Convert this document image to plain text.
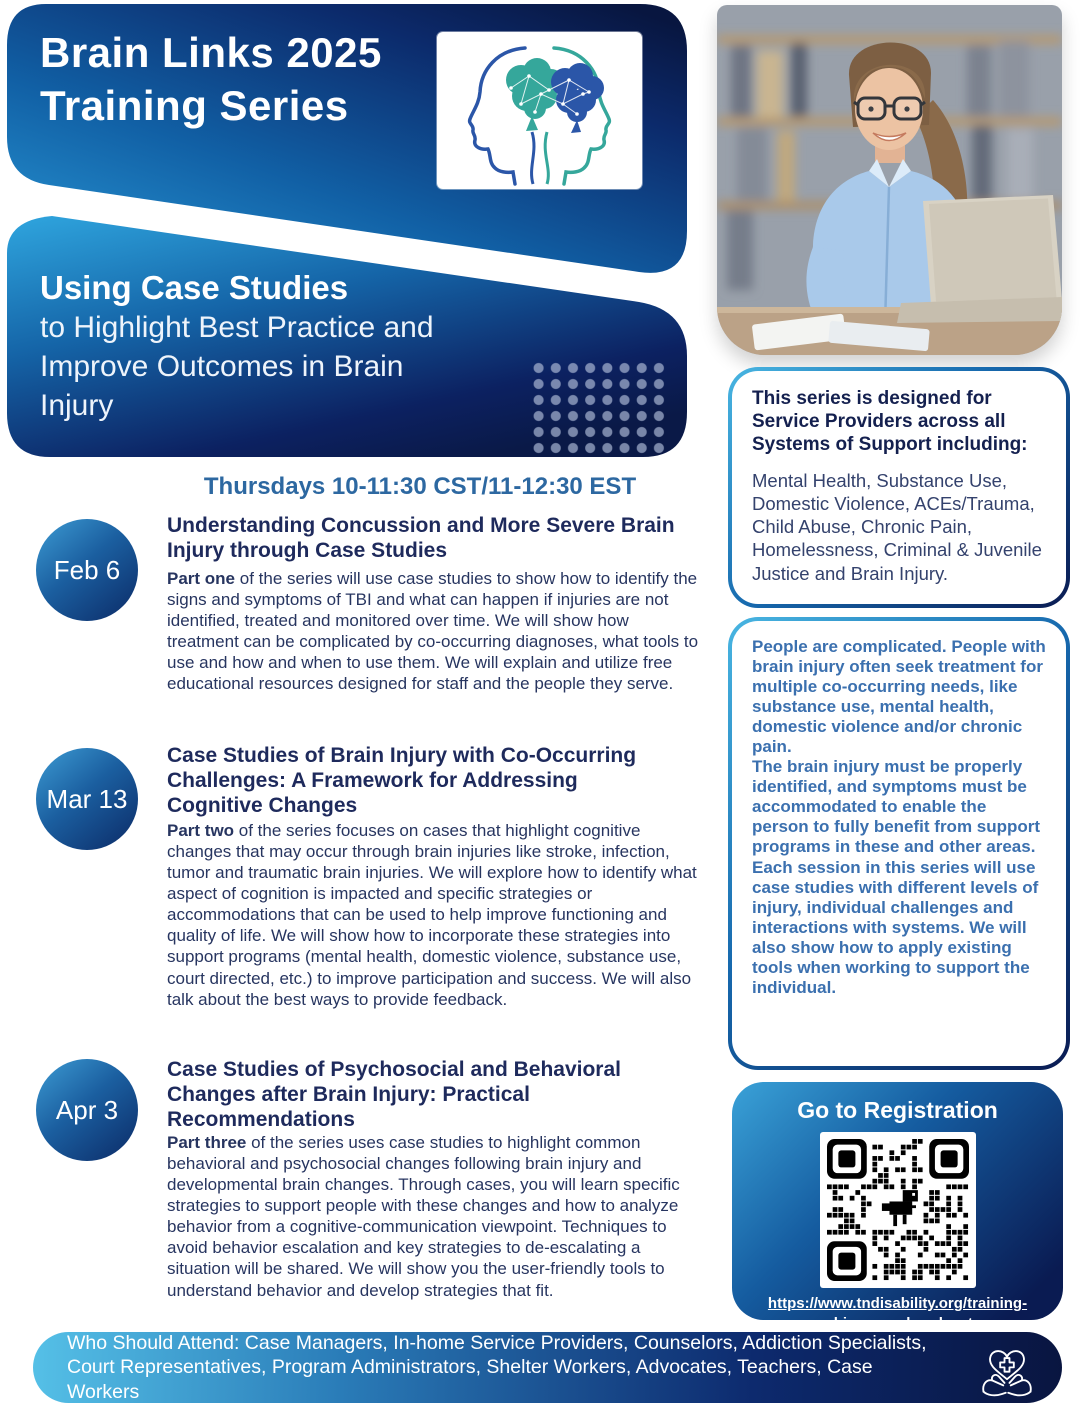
Brain Links 2025
Training Series
Using Case Studies
to Highlight Best Practice and Improve Outcomes in Brain Injury
Thursdays 10-11:30 CST/11-12:30 EST
Feb 6
Understanding Concussion and More Severe Brain Injury through Case Studies
Part one of the series will use case studies to show how to identify the signs and symptoms of TBI and what can happen if injuries are not identified, treated and monitored over time. We will show how treatment can be complicated by co-occurring diagnoses, what tools to use and how and when to use them. We will explain and utilize free educational resources designed for staff and the people they serve.
Mar 13
Case Studies of Brain Injury with Co-Occurring Challenges: A Framework for Addressing Cognitive Changes
Part two of the series focuses on cases that highlight cognitive changes that may occur through brain injuries like stroke, infection, tumor and traumatic brain injuries. We will explore how to identify what aspect of cognition is impacted and specific strategies or accommodations that can be used to help improve functioning and quality of life. We will show how to incorporate these strategies into support programs (mental health, domestic violence, substance use, court directed, etc.) to improve participation and success. We will also talk about the best ways to provide feedback.
Apr 3
Case Studies of Psychosocial and Behavioral Changes after Brain Injury: Practical Recommendations
Part three of the series uses case studies to highlight common behavioral and psychosocial changes following brain injury and developmental brain changes. Through cases, you will learn specific strategies to support people with these changes and how to analyze behavior from a cognitive-communication viewpoint. Techniques to avoid behavior escalation and key strategies to de-escalating a situation will be shared. We will show you the user-friendly tools to understand behavior and develop strategies that fit.
This series is designed for Service Providers across all Systems of Support including:
Mental Health, Substance Use, Domestic Violence, ACEs/Trauma, Child Abuse, Chronic Pain, Homelessness, Criminal & Juvenile Justice and Brain Injury.

People are complicated. People with brain injury often seek treatment for multiple co-occurring needs, like substance use, mental health, domestic violence and/or chronic pain.

The brain injury must be properly identified, and symptoms must be accommodated to enable the person to fully benefit from support programs in these and other areas.

Each session in this series will use case studies with different levels of injury, individual challenges and interactions with systems. We will also show how to apply existing tools when working to support the individual.

Go to Registration
https://www.tndisability.org/training-webinars-and-podcasts
Who Should Attend: Case Managers, In-home Service Providers, Counselors, Addiction Specialists, Court Representatives, Program Administrators, Shelter Workers, Advocates, Teachers, Case Workers
